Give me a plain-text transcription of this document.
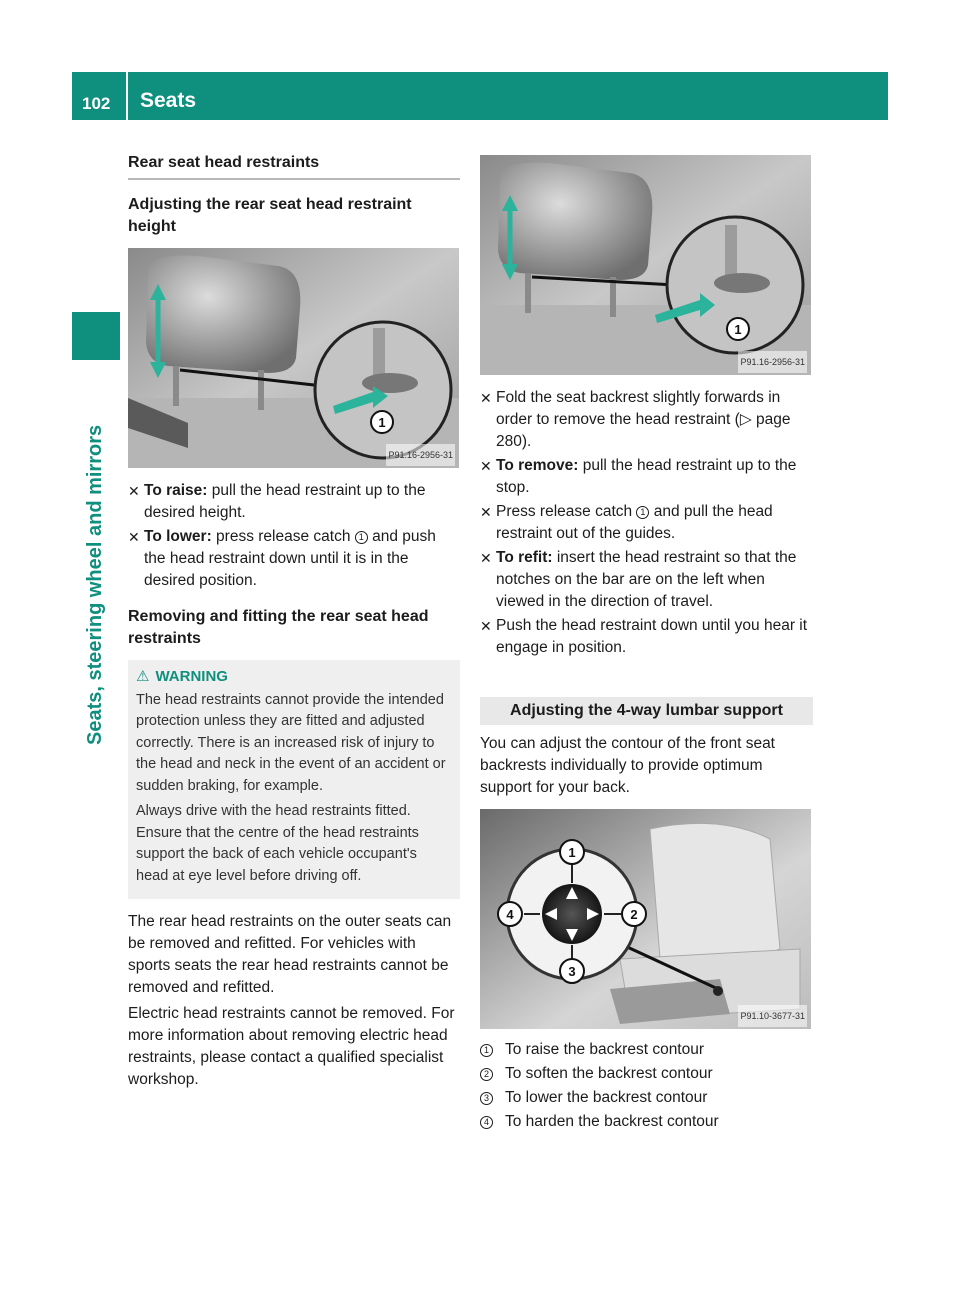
102 Seats
Seats, steering wheel and mirrors
Rear seat head restraints
Adjusting the rear seat head restraint height
1
P91.16-2956-31
✕ To raise: pull the head restraint up to the desired height.
✕ To lower: press release catch 1 and push the head restraint down until it is in the desired position.
Removing and fitting the rear seat head restraints
⚠ WARNING

The head restraints cannot provide the intended protection unless they are fitted and adjusted correctly. There is an increased risk of injury to the head and neck in the event of an accident or sudden braking, for example.

Always drive with the head restraints fitted. Ensure that the centre of the head restraints support the back of each vehicle occupant's head at eye level before driving off.

The rear head restraints on the outer seats can be removed and refitted. For vehicles with sports seats the rear head restraints cannot be removed and refitted.

Electric head restraints cannot be removed. For more information about removing electric head restraints, please contact a qualified specialist workshop.

1
P91.16-2956-31
✕ Fold the seat backrest slightly forwards in order to remove the head restraint (▷ page 280).
✕ To remove: pull the head restraint up to the stop.
✕ Press release catch 1 and pull the head restraint out of the guides.
✕ To refit: insert the head restraint so that the notches on the bar are on the left when viewed in the direction of travel.
✕ Push the head restraint down until you hear it engage in position.
Adjusting the 4-way lumbar support

You can adjust the contour of the front seat backrests individually to provide optimum support for your back.

1
2
3
4
P91.10-3677-31
1 To raise the backrest contour
2 To soften the backrest contour
3 To lower the backrest contour
4 To harden the backrest contour
